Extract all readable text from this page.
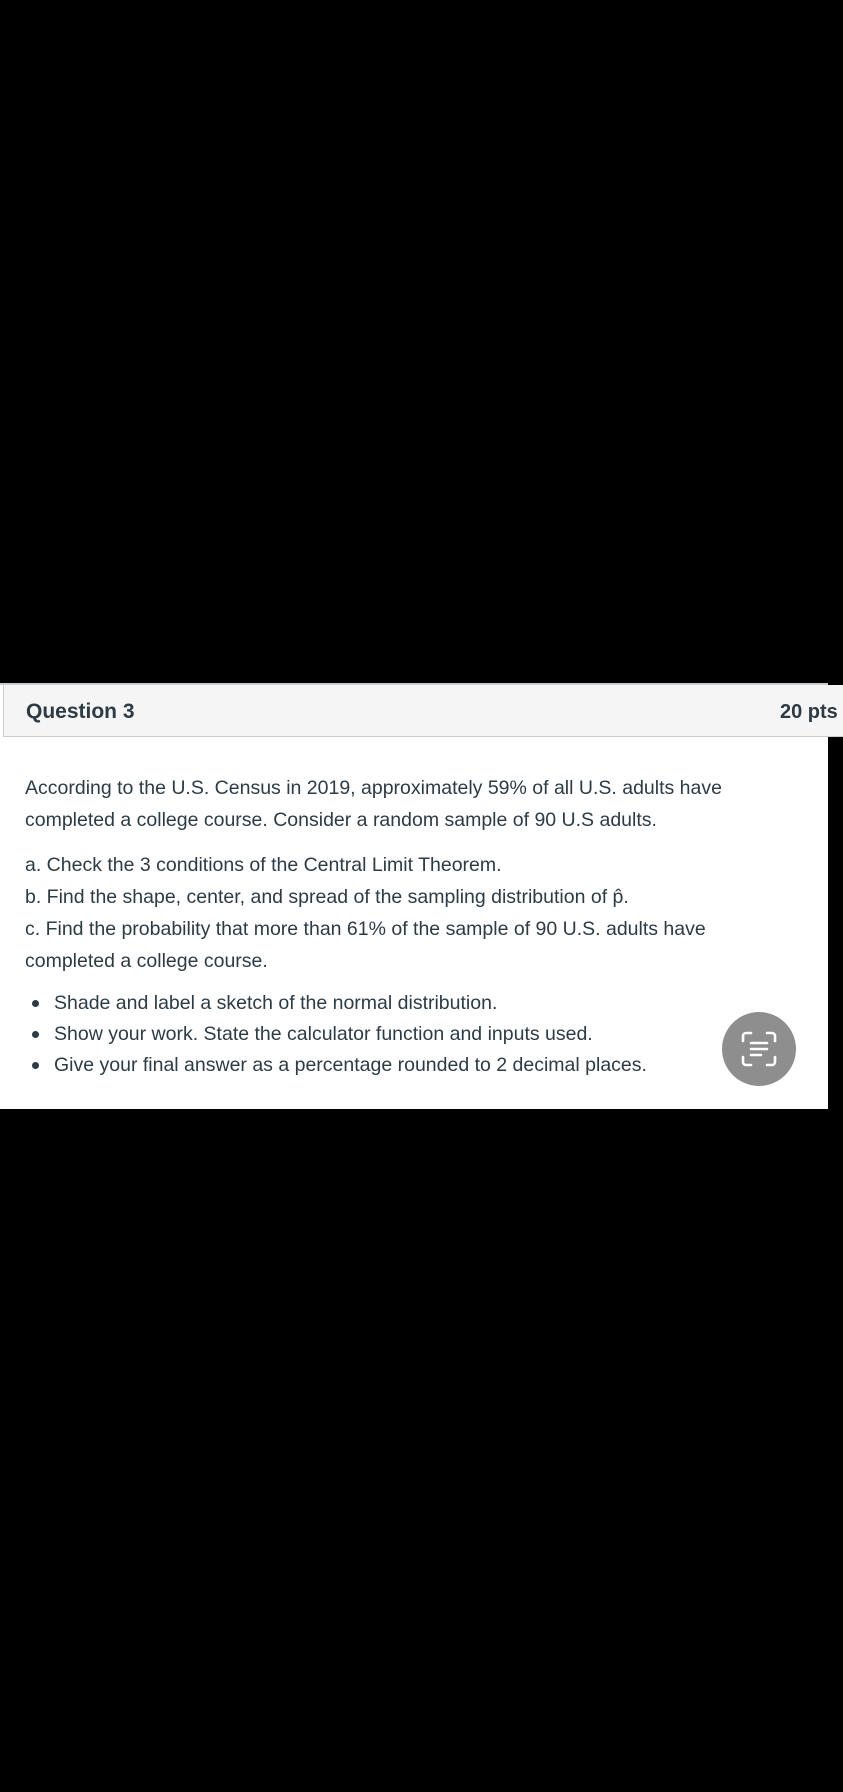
Question 3	20 pts
According to the U.S. Census in 2019, approximately 59% of all U.S. adults have
completed a college course. Consider a random sample of 90 U.S adults.
a. Check the 3 conditions of the Central Limit Theorem.
b. Find the shape, center, and spread of the sampling distribution of p̂.
c. Find the probability that more than 61% of the sample of 90 U.S. adults have
completed a college course.
Shade and label a sketch of the normal distribution.
Show your work. State the calculator function and inputs used.
Give your final answer as a percentage rounded to 2 decimal places.
